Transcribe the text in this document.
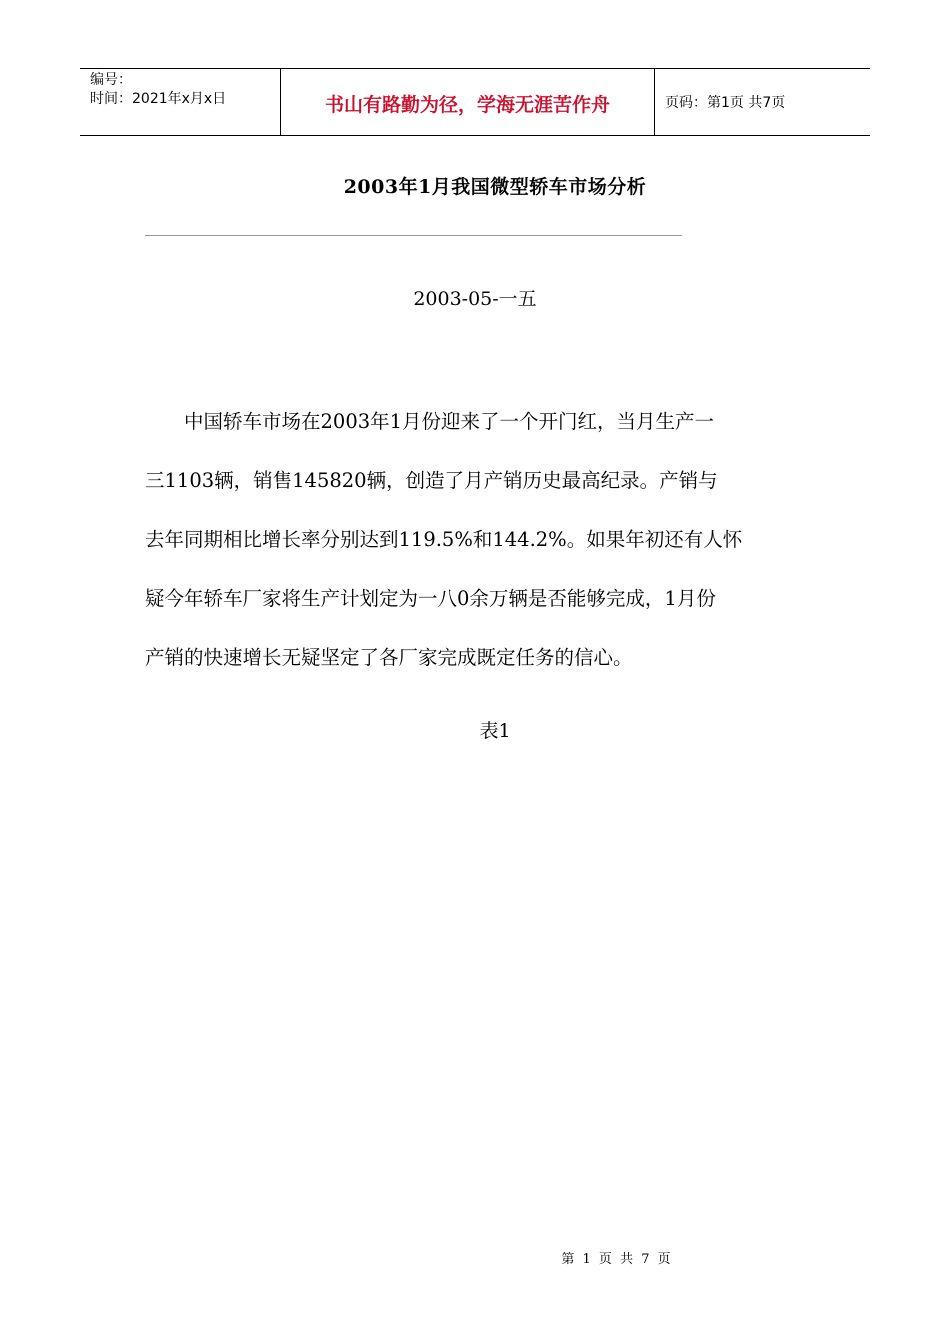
编号：
时间：2021年x月x日	书山有路勤为径，学海无涯苦作舟	页码：第1页 共7页
2003年1月我国微型轿车市场分析
2003-05-一五

中国轿车市场在2003年1月份迎来了一个开门红，当月生产一

三1103辆，销售145820辆，创造了月产销历史最高纪录。产销与

去年同期相比增长率分别达到119.5%和144.2%。如果年初还有人怀

疑今年轿车厂家将生产计划定为一八0余万辆是否能够完成，1月份

产销的快速增长无疑坚定了各厂家完成既定任务的信心。

表1
第 1 页 共 7 页
